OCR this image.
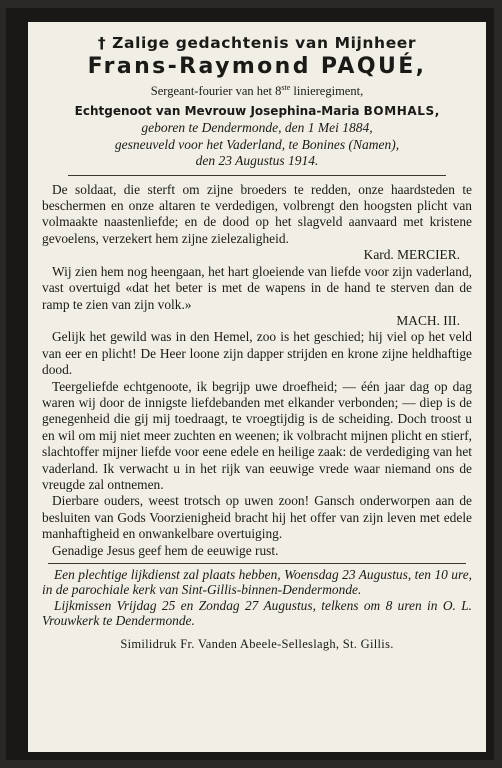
† Zalige gedachtenis van Mijnheer
Frans-Raymond PAQUÉ,
Sergeant-fourier van het 8ste linieregiment,
Echtgenoot van Mevrouw Josephina-Maria BOMHALS,
geboren te Dendermonde, den 1 Mei 1884,
gesneuveld voor het Vaderland, te Bonines (Namen),
den 23 Augustus 1914.

De soldaat, die sterft om zijne broeders te redden, onze haardsteden te beschermen en onze altaren te verdedigen, volbrengt den hoogsten plicht van volmaakte naastenliefde; en de dood op het slagveld aanvaard met kristene gevoelens, verzekert hem zijne zielezaligheid.

Kard. MERCIER.

Wij zien hem nog heengaan, het hart gloeiende van liefde voor zijn vaderland, vast overtuigd «dat het beter is met de wapens in de hand te sterven dan de ramp te zien van zijn volk.»

MACH. III.

Gelijk het gewild was in den Hemel, zoo is het geschied; hij viel op het veld van eer en plicht! De Heer loone zijn dapper strijden en krone zijne heldhaftige dood.

Teergeliefde echtgenoote, ik begrijp uwe droefheid; — één jaar dag op dag waren wij door de innigste liefdebanden met elkander verbonden; — diep is de genegenheid die gij mij toedraagt, te vroegtijdig is de scheiding. Doch troost u en wil om mij niet meer zuchten en weenen; ik volbracht mijnen plicht en stierf, slachtoffer mijner liefde voor eene edele en heilige zaak: de verdediging van het vaderland. Ik verwacht u in het rijk van eeuwige vrede waar niemand ons de vreugde zal ontnemen.

Dierbare ouders, weest trotsch op uwen zoon! Gansch onderworpen aan de besluiten van Gods Voorzienigheid bracht hij het offer van zijn leven met edele manhaftigheid en onwankelbare overtuiging.

Genadige Jesus geef hem de eeuwige rust.

Een plechtige lijkdienst zal plaats hebben, Woensdag 23 Augustus, ten 10 ure, in de parochiale kerk van Sint-Gillis-binnen-Dendermonde.

Lijkmissen Vrijdag 25 en Zondag 27 Augustus, telkens om 8 uren in O. L. Vrouwkerk te Dendermonde.

Similidruk Fr. Vanden Abeele-Selleslagh, St. Gillis.
